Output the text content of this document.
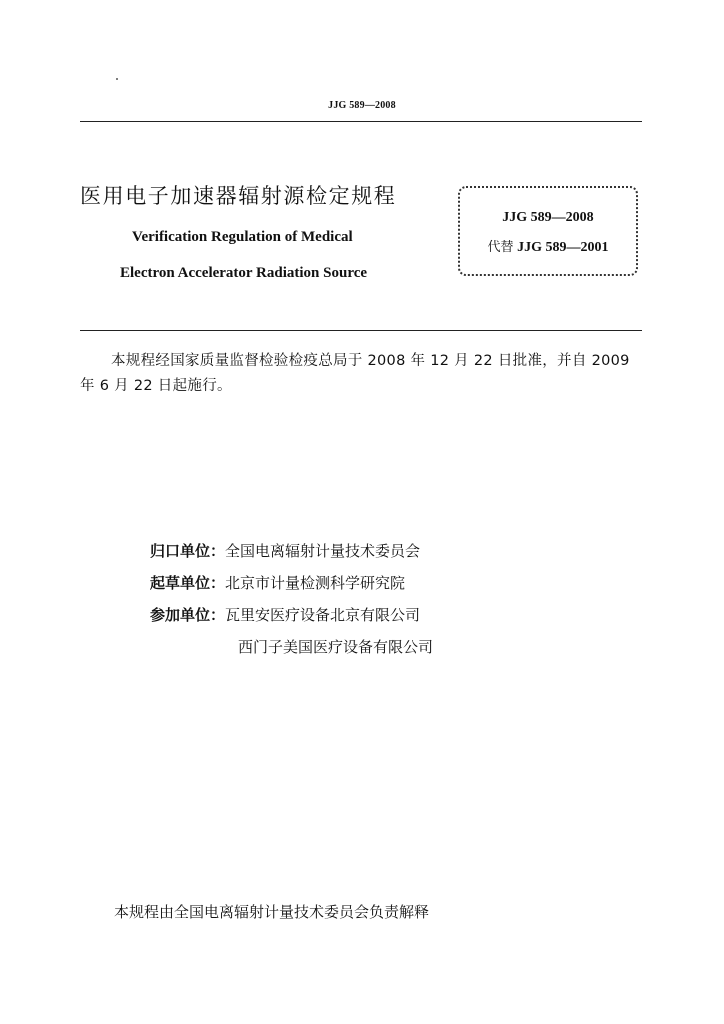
JJG 589—2008
医用电子加速器辐射源检定规程
Verification Regulation of Medical
Electron Accelerator Radiation Source
JJG 589—2008
代替 JJG 589—2001
本规程经国家质量监督检验检疫总局于 2008 年 12 月 22 日批准，并自 2009 年 6 月 22 日起施行。
归口单位：全国电离辐射计量技术委员会
起草单位：北京市计量检测科学研究院
参加单位：瓦里安医疗设备北京有限公司
西门子美国医疗设备有限公司
本规程由全国电离辐射计量技术委员会负责解释
